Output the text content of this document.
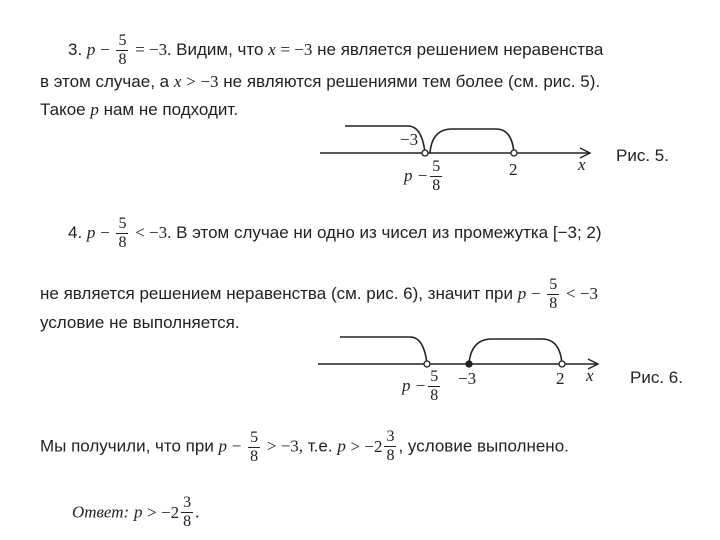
3. $p - \frac{5}{8} = -3$. Видим, что x = −3 не является решением неравенства
в этом случае, а x > −3 не являются решениями тем более (см. рис. 5).
Такое p нам не подходит.
−3
2	x
$p - \frac{5}{8}$
Рис. 5.
4. $p - \frac{5}{8} < -3$. В этом случае ни одно из чисел из промежутка [−3; 2)
не является решением неравенства (см. рис. 6), значит при $p - \frac{5}{8} < -3$
условие не выполняется.
$p - \frac{5}{8} -3$	2 x Рис. 6.
Мы получили, что при $p - \frac{5}{8} > -3$, т.е. $p > -2 \frac{3}{8}$ , условие выполнено.
Ответ: $p > -2 \frac{3}{8}$ .
